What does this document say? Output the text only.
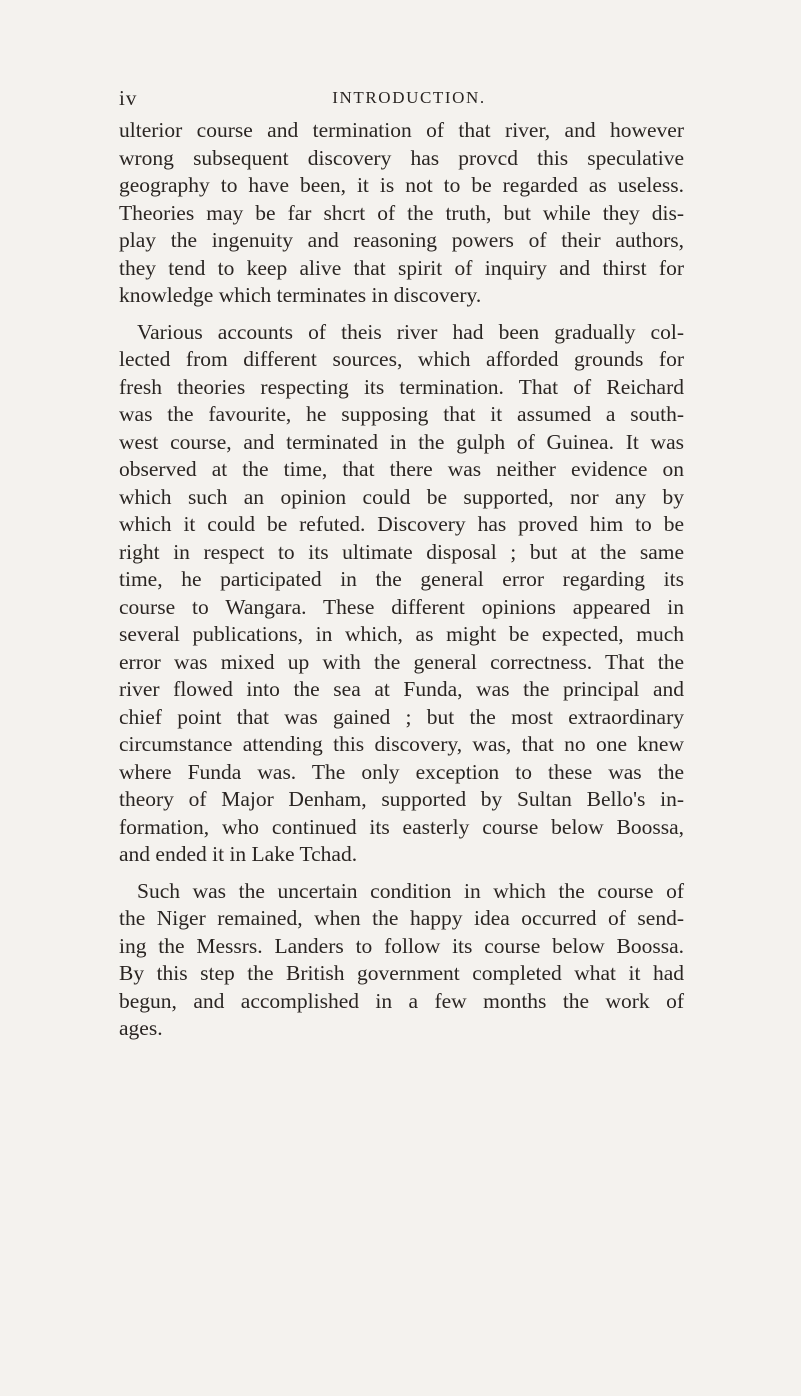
iv	INTRODUCTION.
ulterior course and termination of that river, and however
wrong subsequent discovery has provcd this speculative
geography to have been, it is not to be regarded as useless.
Theories may be far shcrt of the truth, but while they dis-
play the ingenuity and reasoning powers of their authors,
they tend to keep alive that spirit of inquiry and thirst for
knowledge which terminates in discovery.
Various accounts of theis river had been gradually col-
lected from different sources, which afforded grounds for
fresh theories respecting its termination. That of Reichard
was the favourite, he supposing that it assumed a south-
west course, and terminated in the gulph of Guinea. It was
observed at the time, that there was neither evidence on
which such an opinion could be supported, nor any by
which it could be refuted. Discovery has proved him to be
right in respect to its ultimate disposal ; but at the same
time, he participated in the general error regarding its
course to Wangara. These different opinions appeared in
several publications, in which, as might be expected, much
error was mixed up with the general correctness. That the
river flowed into the sea at Funda, was the principal and
chief point that was gained ; but the most extraordinary
circumstance attending this discovery, was, that no one knew
where Funda was. The only exception to these was the
theory of Major Denham, supported by Sultan Bello's in-
formation, who continued its easterly course below Boossa,
and ended it in Lake Tchad.
Such was the uncertain condition in which the course of
the Niger remained, when the happy idea occurred of send-
ing the Messrs. Landers to follow its course below Boossa.
By this step the British government completed what it had
begun, and accomplished in a few months the work of
ages.
